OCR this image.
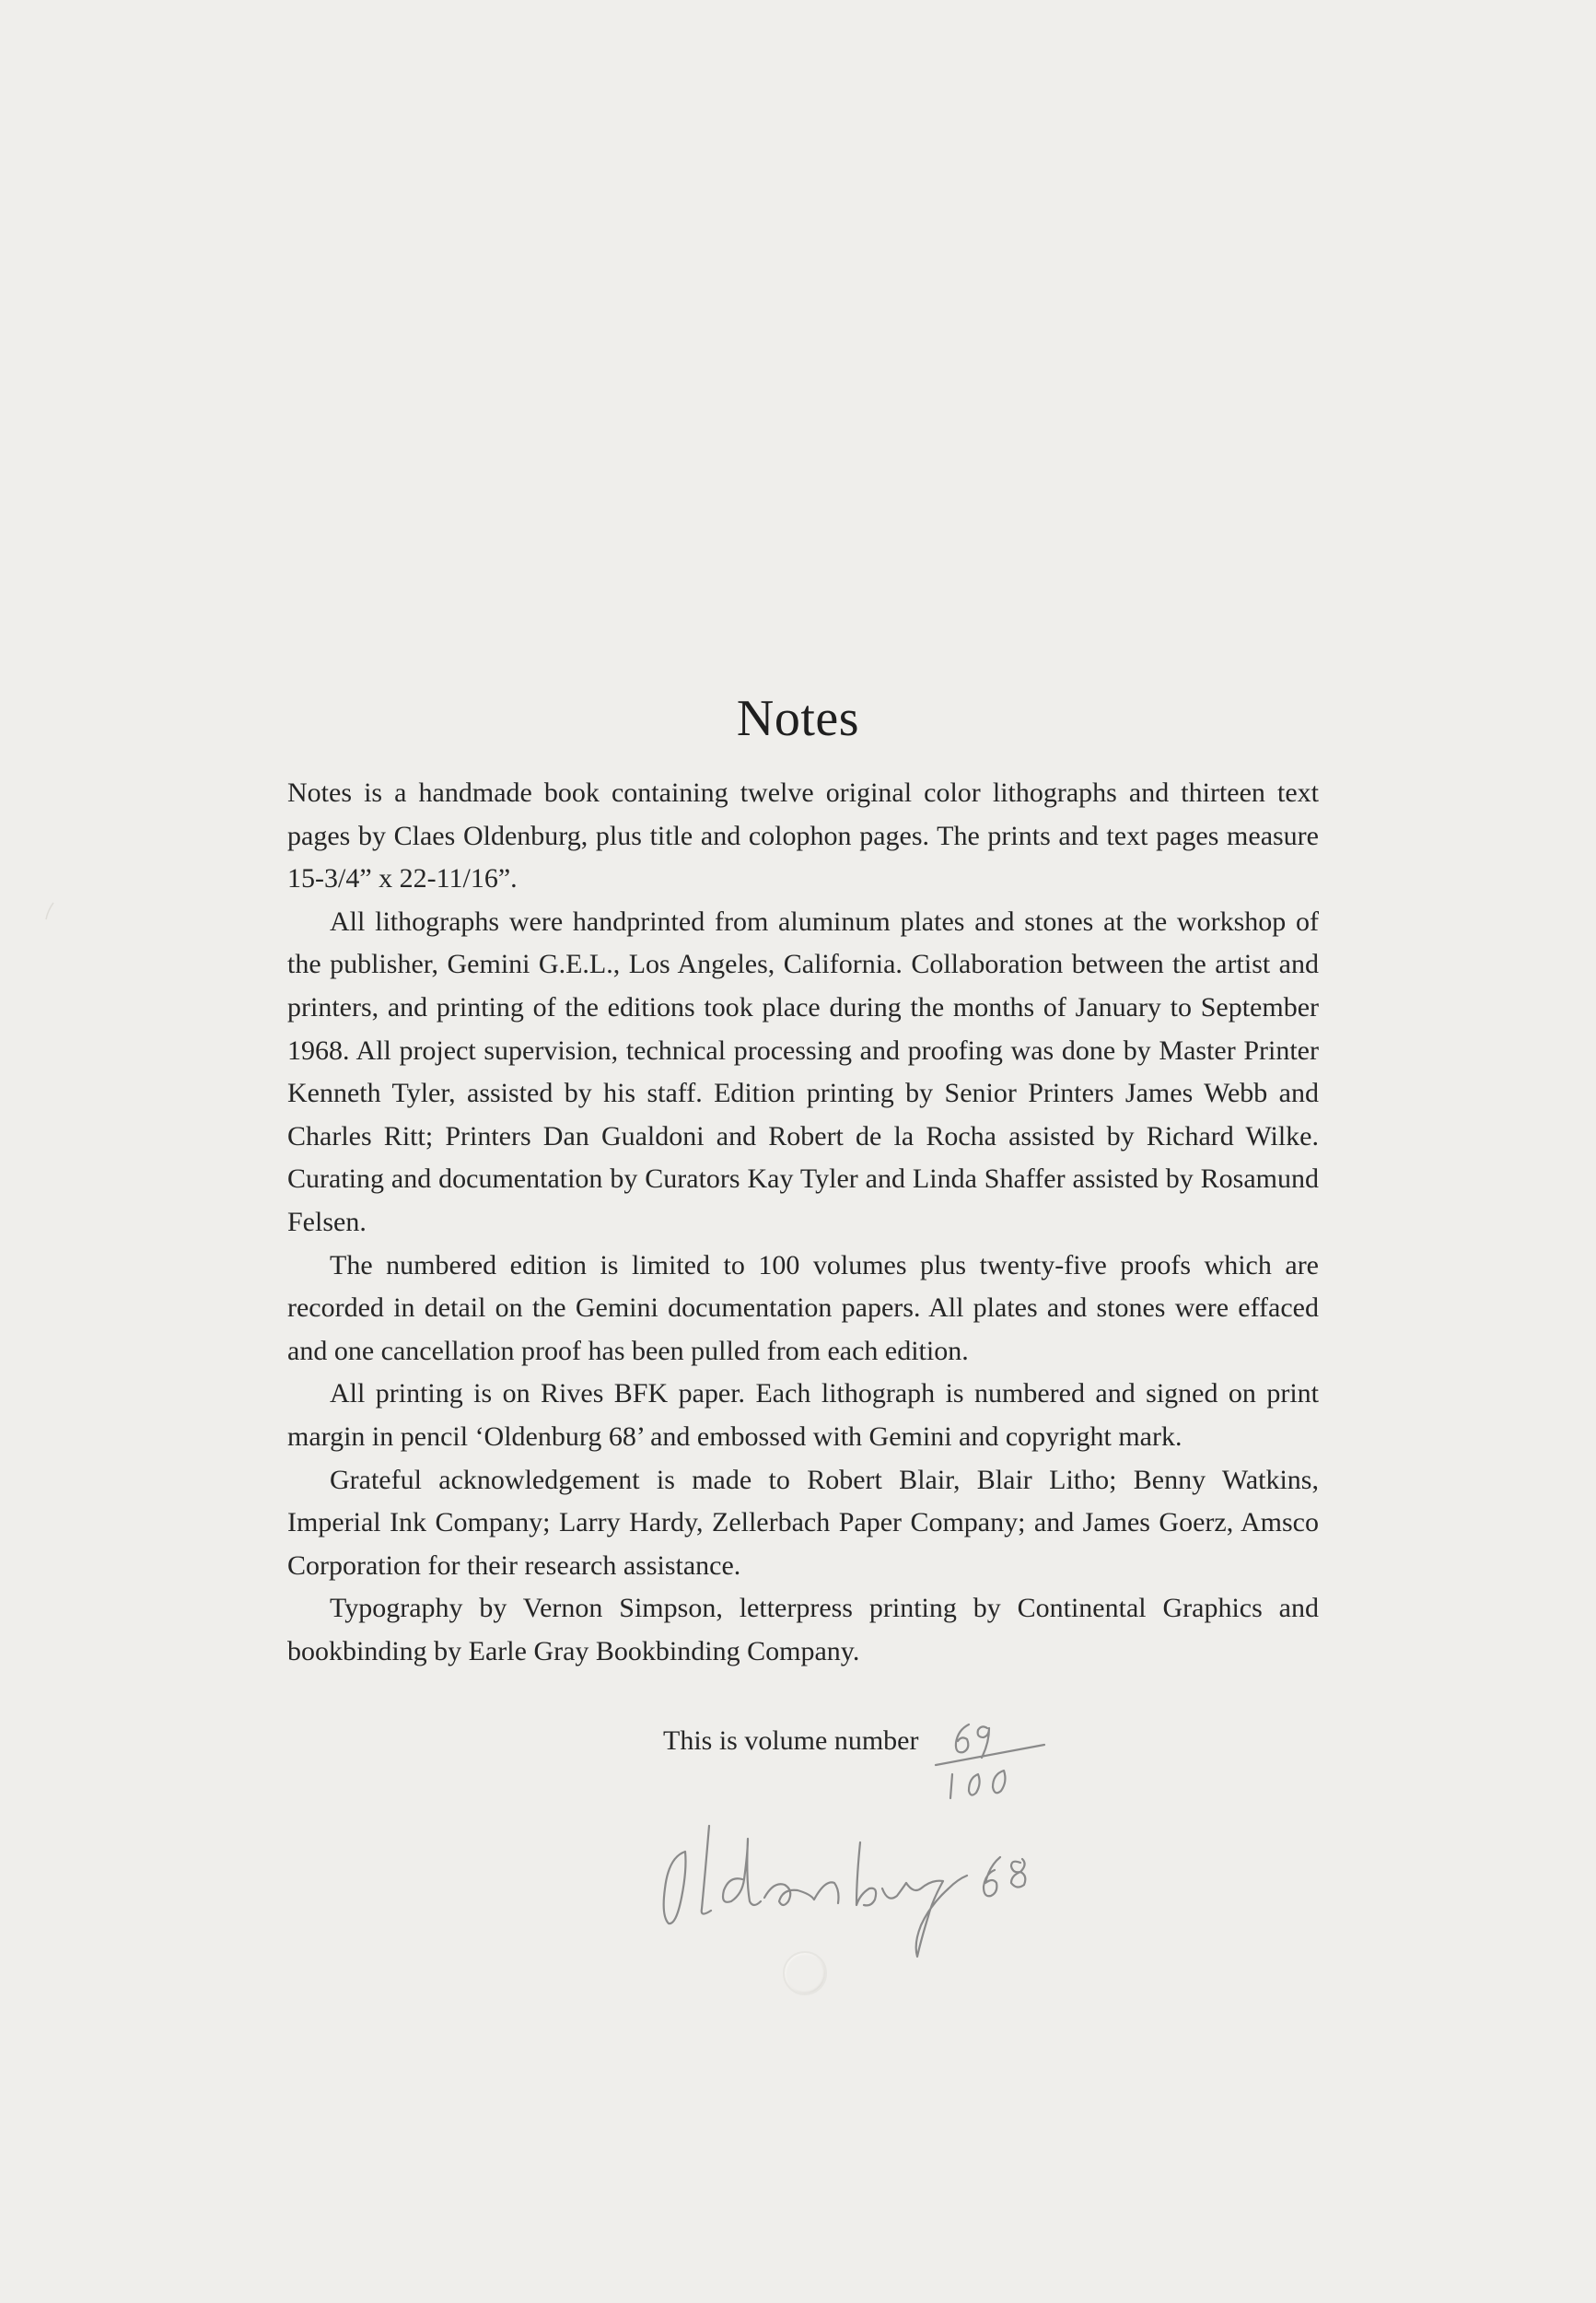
Notes

Notes is a handmade book containing twelve original color lithographs and thirteen text pages by Claes Oldenburg, plus title and colophon pages. The prints and text pages measure 15-3/4” x 22-11/16”.

All lithographs were handprinted from aluminum plates and stones at the workshop of the publisher, Gemini G.E.L., Los Angeles, California. Collaboration between the artist and printers, and printing of the editions took place during the months of January to September 1968. All project supervision, technical processing and proofing was done by Master Printer Kenneth Tyler, assisted by his staff. Edition printing by Senior Printers James Webb and Charles Ritt; Printers Dan Gualdoni and Robert de la Rocha assisted by Richard Wilke. Curating and documentation by Curators Kay Tyler and Linda Shaffer assisted by Rosamund Felsen.

The numbered edition is limited to 100 volumes plus twenty-five proofs which are recorded in detail on the Gemini documentation papers. All plates and stones were effaced and one cancellation proof has been pulled from each edition.

All printing is on Rives BFK paper. Each lithograph is numbered and signed on print margin in pencil ‘Oldenburg 68’ and embossed with Gemini and copyright mark.

Grateful acknowledgement is made to Robert Blair, Blair Litho; Benny Watkins, Imperial Ink Company; Larry Hardy, Zellerbach Paper Company; and James Goerz, Amsco Corporation for their research assistance.

Typography by Vernon Simpson, letterpress printing by Continental Graphics and bookbinding by Earle Gray Bookbinding Company.

This is volume number
